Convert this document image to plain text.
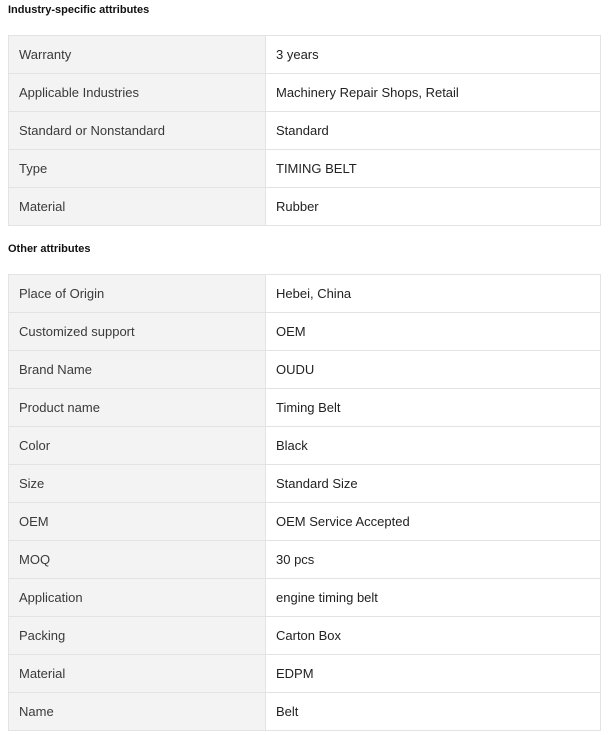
Industry-specific attributes
Warranty	3 years
Applicable Industries	Machinery Repair Shops, Retail
Standard or Nonstandard	Standard
Type	TIMING BELT
Material	Rubber
Other attributes
Place of Origin	Hebei, China
Customized support	OEM
Brand Name	OUDU
Product name	Timing Belt
Color	Black
Size	Standard Size
OEM	OEM Service Accepted
MOQ	30 pcs
Application	engine timing belt
Packing	Carton Box
Material	EDPM
Name	Belt
